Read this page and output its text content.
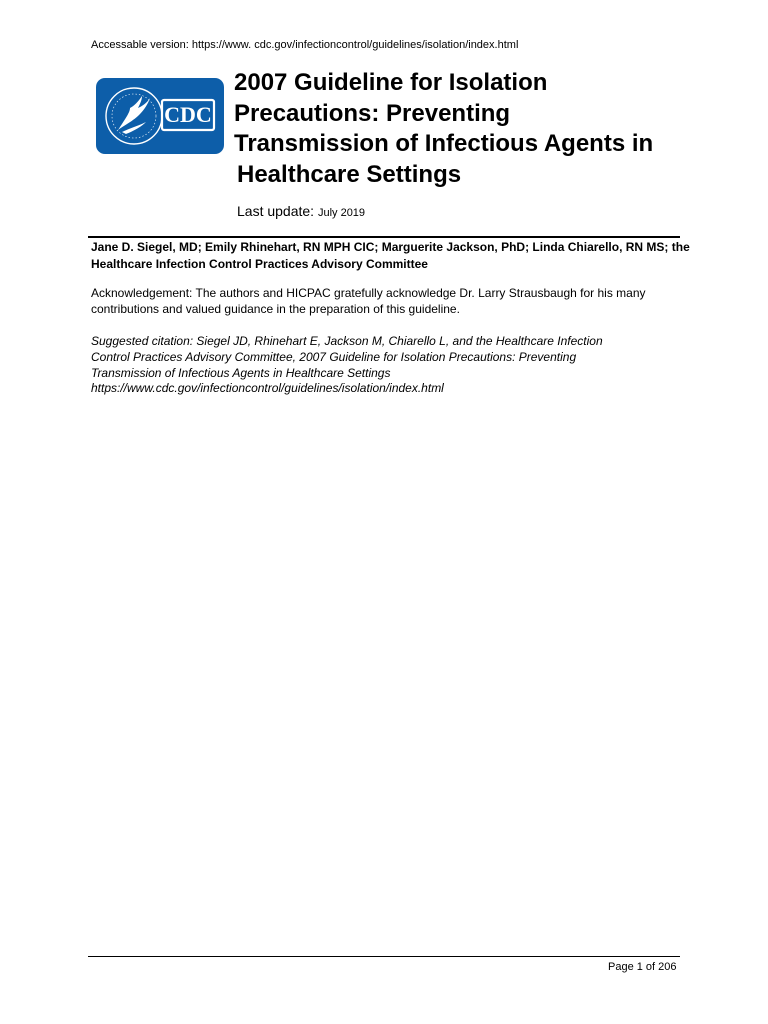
Accessable version: https://www. cdc.gov/infectioncontrol/guidelines/isolation/index.html
CDC
2007 Guideline for Isolation
Precautions: Preventing
Transmission of Infectious Agents in
Healthcare Settings
Last update: July 2019

Jane D. Siegel, MD; Emily Rhinehart, RN MPH CIC; Marguerite Jackson, PhD; Linda Chiarello, RN MS; the Healthcare Infection Control Practices Advisory Committee

Acknowledgement: The authors and HICPAC gratefully acknowledge Dr. Larry Strausbaugh for his many contributions and valued guidance in the preparation of this guideline.

Suggested citation: Siegel JD, Rhinehart E, Jackson M, Chiarello L, and the Healthcare Infection
Control Practices Advisory Committee, 2007 Guideline for Isolation Precautions: Preventing
Transmission of Infectious Agents in Healthcare Settings
https://www.cdc.gov/infectioncontrol/guidelines/isolation/index.html

Page 1 of 206
